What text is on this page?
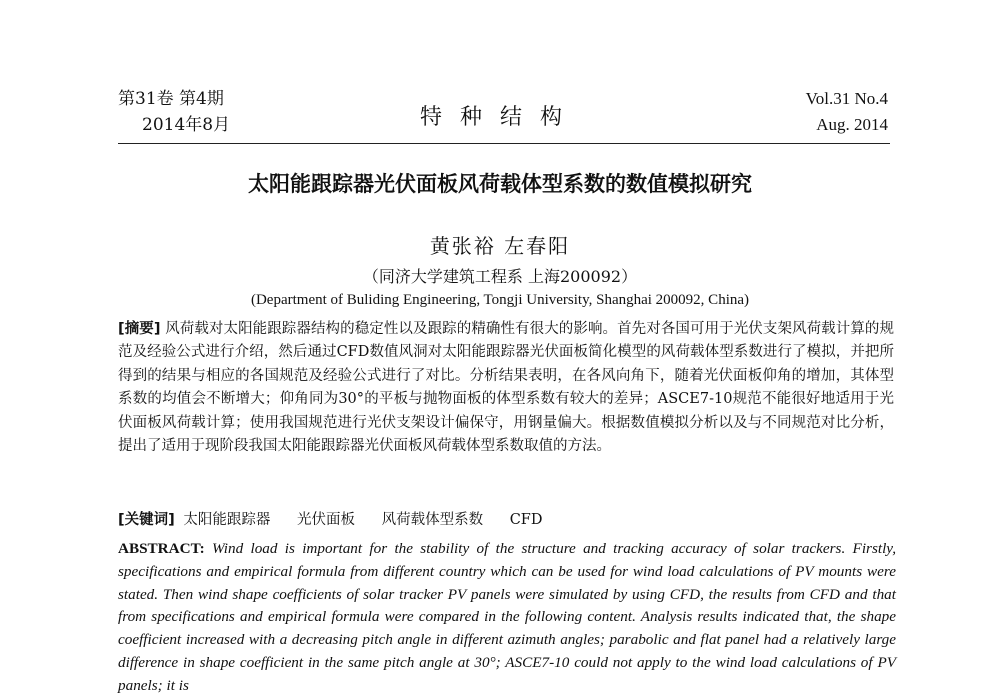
第31卷 第4期
2014年8月	特种结构
Vol.31 No.4
Aug. 2014
太阳能跟踪器光伏面板风荷载体型系数的数值模拟研究
黄张裕 左春阳
（同济大学建筑工程系 上海200092）
(Department of Buliding Engineering, Tongji University, Shanghai 200092, China)
[摘要] 风荷载对太阳能跟踪器结构的稳定性以及跟踪的精确性有很大的影响。首先对各国可用于光伏支架风荷载计算的规范及经验公式进行介绍，然后通过CFD数值风洞对太阳能跟踪器光伏面板简化模型的风荷载体型系数进行了模拟，并把所得到的结果与相应的各国规范及经验公式进行了对比。分析结果表明，在各风向角下，随着光伏面板仰角的增加，其体型系数的均值会不断增大；仰角同为30°的平板与抛物面板的体型系数有较大的差异；ASCE7-10规范不能很好地适用于光伏面板风荷载计算；使用我国规范进行光伏支架设计偏保守，用钢量偏大。根据数值模拟分析以及与不同规范对比分析，提出了适用于现阶段我国太阳能跟踪器光伏面板风荷载体型系数取值的方法。
[关键词] 太阳能跟踪器 光伏面板 风荷载体型系数 CFD
ABSTRACT: Wind load is important for the stability of the structure and tracking accuracy of solar trackers. Firstly, specifications and empirical formula from different country which can be used for wind load calculations of PV mounts were stated. Then wind shape coefficients of solar tracker PV panels were simulated by using CFD, the results from CFD and that from specifications and empirical formula were compared in the following content. Analysis results indicated that, the shape coefficient increased with a decreasing pitch angle in different azimuth angles; parabolic and flat panel had a relatively large difference in shape coefficient in the same pitch angle at 30°; ASCE7-10 could not apply to the wind load calculations of PV panels; it is
